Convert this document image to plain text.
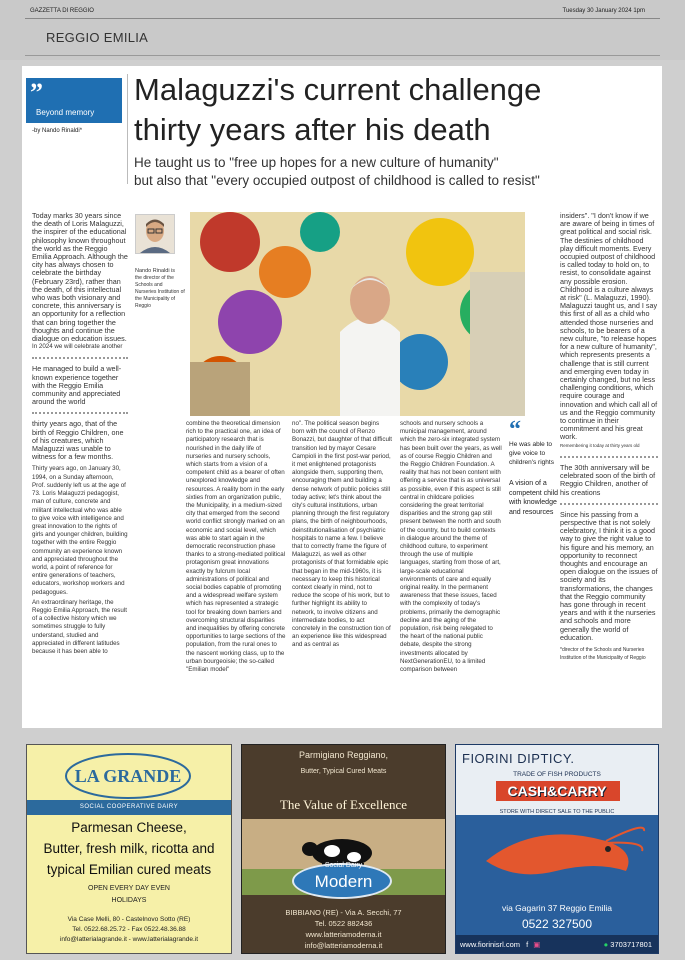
GAZZETTA DI REGGIO	Tuesday 30 January 2024 1pm
REGGIO EMILIA
”
Beyond memory
-by Nando Rinaldi*
Malaguzzi's current challenge
thirty years after his death
He taught us to "free up hopes for a new culture of humanity"
but also that "every occupied outpost of childhood is called to resist"

Today marks 30 years since the death of Loris Malaguzzi, the inspirer of the educational philosophy known throughout the world as the Reggio Emilia Approach. Although the city has always chosen to celebrate the birthday (February 23rd), rather than the death, of this intellectual who was both visionary and concrete, this anniversary is an opportunity for a reflection that can bring together the thoughts and continue the dialogue on education issues.

In 2024 we will celebrate another

He managed to build a well-known experience together with the Reggio Emilia community and appreciated around the world

thirty years ago, that of the birth of Reggio Children, one of his creatures, which Malaguzzi was unable to witness for a few months.

Thirty years ago, on January 30, 1994, on a Sunday afternoon, Prof. suddenly left us at the age of 73. Loris Malaguzzi pedagogist, man of culture, concrete and militant intellectual who was able to give voice with intelligence and great innovation to the rights of girls and younger children, building together with the entire Reggio community an experience known and appreciated throughout the world, a point of reference for entire generations of teachers, educators, workshop workers and pedagogues.

An extraordinary heritage, the Reggio Emilia Approach, the result of a collective history which we sometimes struggle to fully understand, studied and appreciated in different latitudes because it has been able to

Nando Rinaldi is
the director of the Schools and Nurseries Institution of the Municipality of Reggio

combine the theoretical dimension rich to the practical one, an idea of participatory research that is nourished in the daily life of nurseries and nursery schools, which starts from a vision of a competent child as a bearer of often unexplored knowledge and resources. A reality born in the early sixties from an organization public, the Municipality, in a medium-sized city that emerged from the second world conflict strongly marked on an economic and social level, which was able to start again in the democratic reconstruction phase thanks to a strong-mediated political protagonism great innovations exactly by fulcrum local administrations of political and social bodies capable of promoting and a widespread welfare system which has represented a strategic tool for breaking down barriers and overcoming structural disparities and inequalities by offering concrete opportunities to large sections of the population, from the rural ones to the nascent working class, up to the urban bourgeoisie; the so-called "Emilian model"

no". The political season begins born with the council of Renzo Bonazzi, but daughter of that difficult transition led by mayor Cesare Campioli in the first post-war period, it met enlightened protagonists alongside them, supporting them, encouraging them and building a dense network of public policies still today active; let's think about the city's cultural institutions, urban planning through the first regulatory plans, the birth of neighbourhoods, deinstitutionalisation of psychiatric hospitals to name a few. I believe that to correctly frame the figure of Malaguzzi, as well as other protagonists of that formidable epic that began in the mid-1960s, it is necessary to keep this historical context clearly in mind, not to reduce the scope of his work, but to further highlight its ability to network, to involve citizens and intermediate bodies, to act concretely in the construction tion of an experience like this widespread and as central as

schools and nursery schools a municipal management, around which the zero-six integrated system has been built over the years, as well as of course Reggio Children and the Reggio Children Foundation. A reality that has not been content with offering a service that is as universal as possible, even if this aspect is still central in childcare policies considering the great territorial disparities and the strong gap still present between the north and south of the country, but to build contexts in dialogue around the theme of childhood culture, to experiment through the use of multiple languages, starting from those of art, large-scale educational environments of care and equally original reality. In the permanent awareness that these issues, faced with the complexity of today's problems, primarily the demographic decline and the aging of the population, risk being relegated to the heart of the national public debate, despite the strong investments allocated by NextGenerationEU, to a limited comparison between

“
He was able to give voice to children's rights
A vision of a competent child with knowledge and resources

insiders". "I don't know if we are aware of being in times of great political and social risk. The destinies of childhood play difficult moments. Every occupied outpost of childhood is called today to hold on, to resist, to consolidate against any possible erosion. Childhood is a culture always at risk" (L. Malaguzzi, 1990). Malaguzzi taught us, and I say this first of all as a child who attended those nurseries and schools, to be bearers of a new culture, "to release hopes for a new culture of humanity", which represents presents a challenge that is still current and emerging even today in certainly changed, but no less challenging conditions, which require courage and innovation and which call all of us and the Reggio community to continue in their commitment and his great work.

Remembering it today at thirty years old

The 30th anniversary will be celebrated soon of the birth of Reggio Children, another of his creations

Since his passing from a perspective that is not solely celebratory, I think it is a good way to give the right value to his figure and his memory, an opportunity to reconnect thoughts and encourage an open dialogue on the issues of society and its transformations, the changes that the Reggio community has gone through in recent years and with it the nurseries and schools and more generally the world of education.

*director of the Schools and Nurseries Institution of the Municipality of Reggio

LA GRANDE
SOCIAL COOPERATIVE DAIRY
Parmesan Cheese,
Butter, fresh milk, ricotta and
typical Emilian cured meats
OPEN EVERY DAY EVEN
HOLIDAYS
Via Case Melli, 80 - Castelnovo Sotto (RE)
Tel. 0522.68.25.72 - Fax 0522.48.36.88
info@latterialagrande.it - www.latterialagrande.it
Parmigiano Reggiano,
Butter, Typical Cured Meats
The Value of Excellence
Social Dairy
Modern
BIBBIANO (RE) - Via A. Secchi, 77
Tel. 0522 882436
www.latteriamoderna.it
info@latteriamoderna.it
FIORINI DIPTICY.
TRADE OF FISH PRODUCTS
CASH&CARRY
STORE WITH DIRECT SALE TO THE PUBLIC
via Gagarin 37 Reggio Emilia
0522 327500
www.fiorinisrl.com f ▣	● 3703717801
